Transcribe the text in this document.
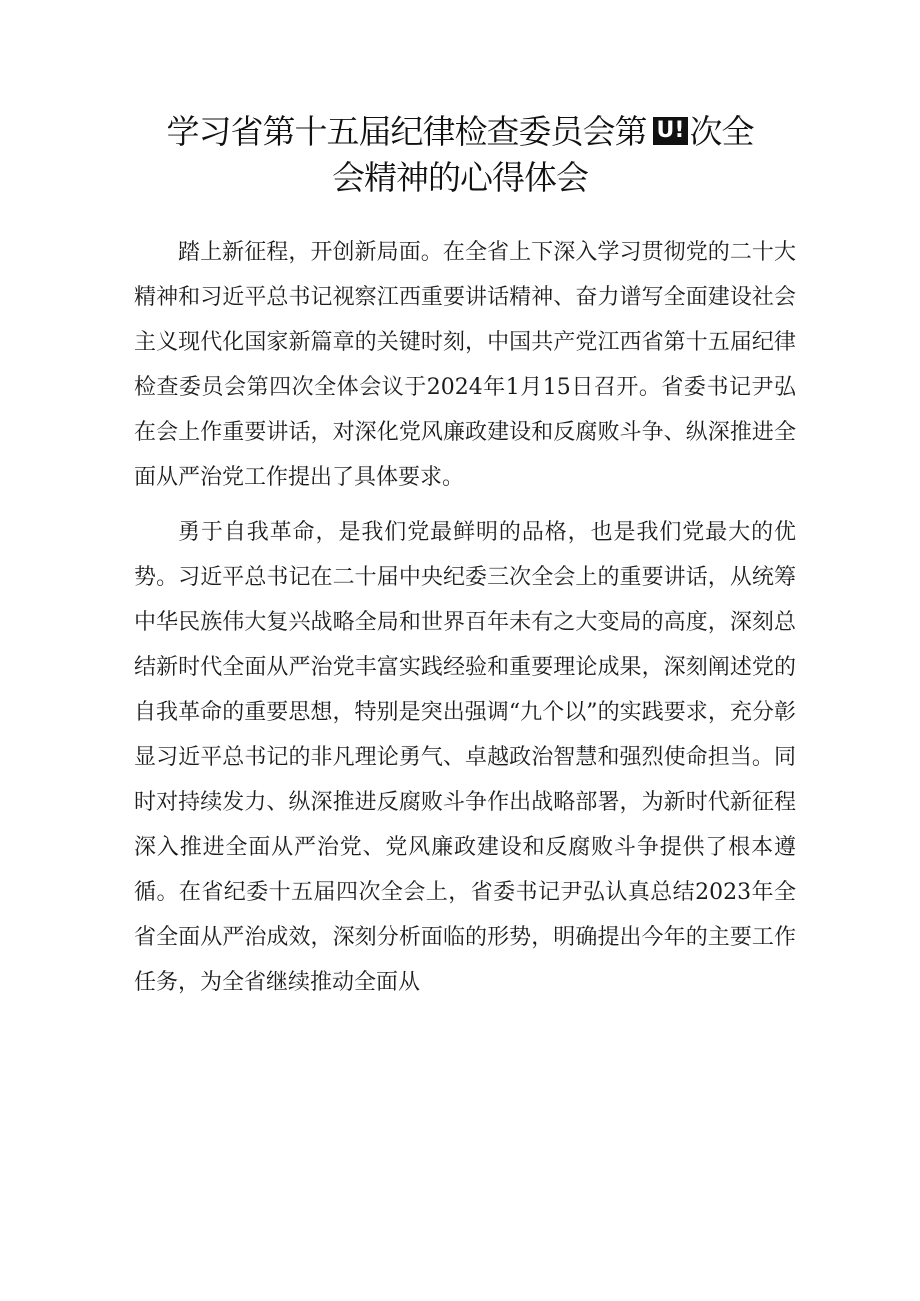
学习省第十五届纪律检查委员会第 U! 次全
会精神的心得体会

踏上新征程，开创新局面。在全省上下深入学习贯彻党的二十大精神和习近平总书记视察江西重要讲话精神、奋力谱写全面建设社会主义现代化国家新篇章的关键时刻，中国共产党江西省第十五届纪律检查委员会第四次全体会议于2024年1月15日召开。省委书记尹弘在会上作重要讲话，对深化党风廉政建设和反腐败斗争、纵深推进全面从严治党工作提出了具体要求。

勇于自我革命，是我们党最鲜明的品格，也是我们党最大的优势。习近平总书记在二十届中央纪委三次全会上的重要讲话，从统筹中华民族伟大复兴战略全局和世界百年未有之大变局的高度，深刻总结新时代全面从严治党丰富实践经验和重要理论成果，深刻阐述党的自我革命的重要思想，特别是突出强调“九个以”的实践要求，充分彰显习近平总书记的非凡理论勇气、卓越政治智慧和强烈使命担当。同时对持续发力、纵深推进反腐败斗争作出战略部署，为新时代新征程深入推进全面从严治党、党风廉政建设和反腐败斗争提供了根本遵循。在省纪委十五届四次全会上，省委书记尹弘认真总结2023年全省全面从严治成效，深刻分析面临的形势，明确提出今年的主要工作任务，为全省继续推动全面从
